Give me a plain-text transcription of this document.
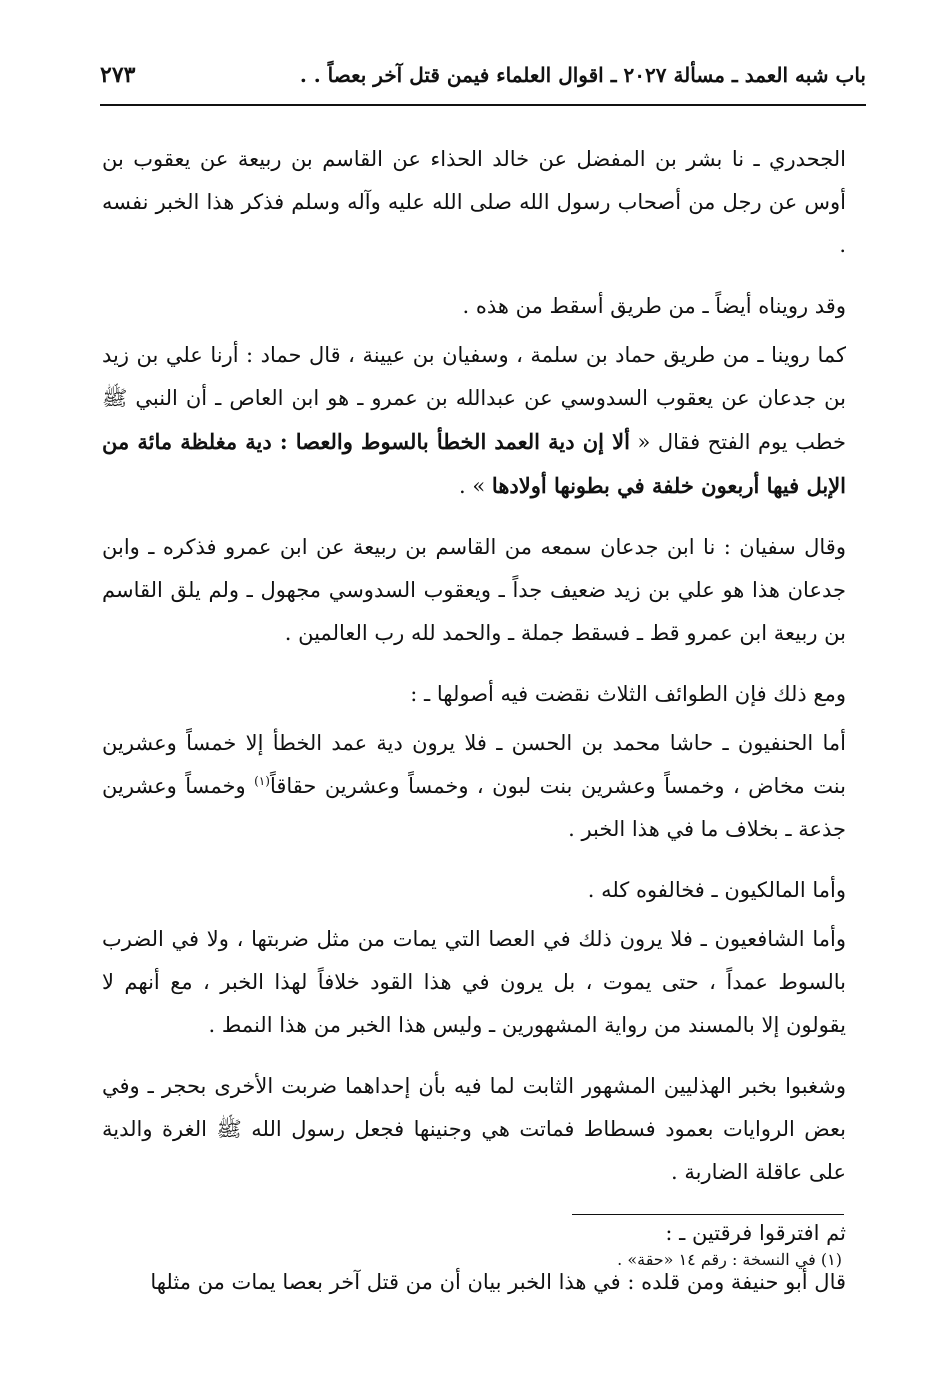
باب شبه العمد ـ مسألة ٢٠٢٧ ـ اقوال العلماء فيمن قتل آخر بعصاً . .
٢٧٣

الجحدري ـ نا بشر بن المفضل عن خالد الحذاء عن القاسم بن ربيعة عن يعقوب بن أوس عن رجل من أصحاب رسول الله صلى الله عليه وآله وسلم فذكر هذا الخبر نفسه .

وقد رويناه أيضاً ـ من طريق أسقط من هذه .

كما روينا ـ من طريق حماد بن سلمة ، وسفيان بن عيينة ، قال حماد : أرنا علي بن زيد بن جدعان عن يعقوب السدوسي عن عبدالله بن عمرو ـ هو ابن العاص ـ أن النبي ﷺ خطب يوم الفتح فقال « ألا إن دية العمد الخطأ بالسوط والعصا : دية مغلظة مائة من الإبل فيها أربعون خلفة في بطونها أولادها » .

وقال سفيان : نا ابن جدعان سمعه من القاسم بن ربيعة عن ابن عمرو فذكره ـ وابن جدعان هذا هو علي بن زيد ضعيف جداً ـ ويعقوب السدوسي مجهول ـ ولم يلق القاسم بن ربيعة ابن عمرو قط ـ فسقط جملة ـ والحمد لله رب العالمين .

ومع ذلك فإن الطوائف الثلاث نقضت فيه أصولها ـ :

أما الحنفيون ـ حاشا محمد بن الحسن ـ فلا يرون دية عمد الخطأ إلا خمساً وعشرين بنت مخاض ، وخمساً وعشرين بنت لبون ، وخمساً وعشرين حقاقاً$^{(١)}$ وخمساً وعشرين جذعة ـ بخلاف ما في هذا الخبر .

وأما المالكيون ـ فخالفوه كله .

وأما الشافعيون ـ فلا يرون ذلك في العصا التي يمات من مثل ضربتها ، ولا في الضرب بالسوط عمداً ، حتى يموت ، بل يرون في هذا القود خلافاً لهذا الخبر ، مع أنهم لا يقولون إلا بالمسند من رواية المشهورين ـ وليس هذا الخبر من هذا النمط .

وشغبوا بخبر الهذليين المشهور الثابت لما فيه بأن إحداهما ضربت الأخرى بحجر ـ وفي بعض الروايات بعمود فسطاط فماتت هي وجنينها فجعل رسول الله ﷺ الغرة والدية على عاقلة الضاربة .

ثم افترقوا فرقتين ـ :

قال أبو حنيفة ومن قلده : في هذا الخبر بيان أن من قتل آخر بعصا يمات من مثلها

(١) في النسخة : رقم ١٤ «حقة» .
